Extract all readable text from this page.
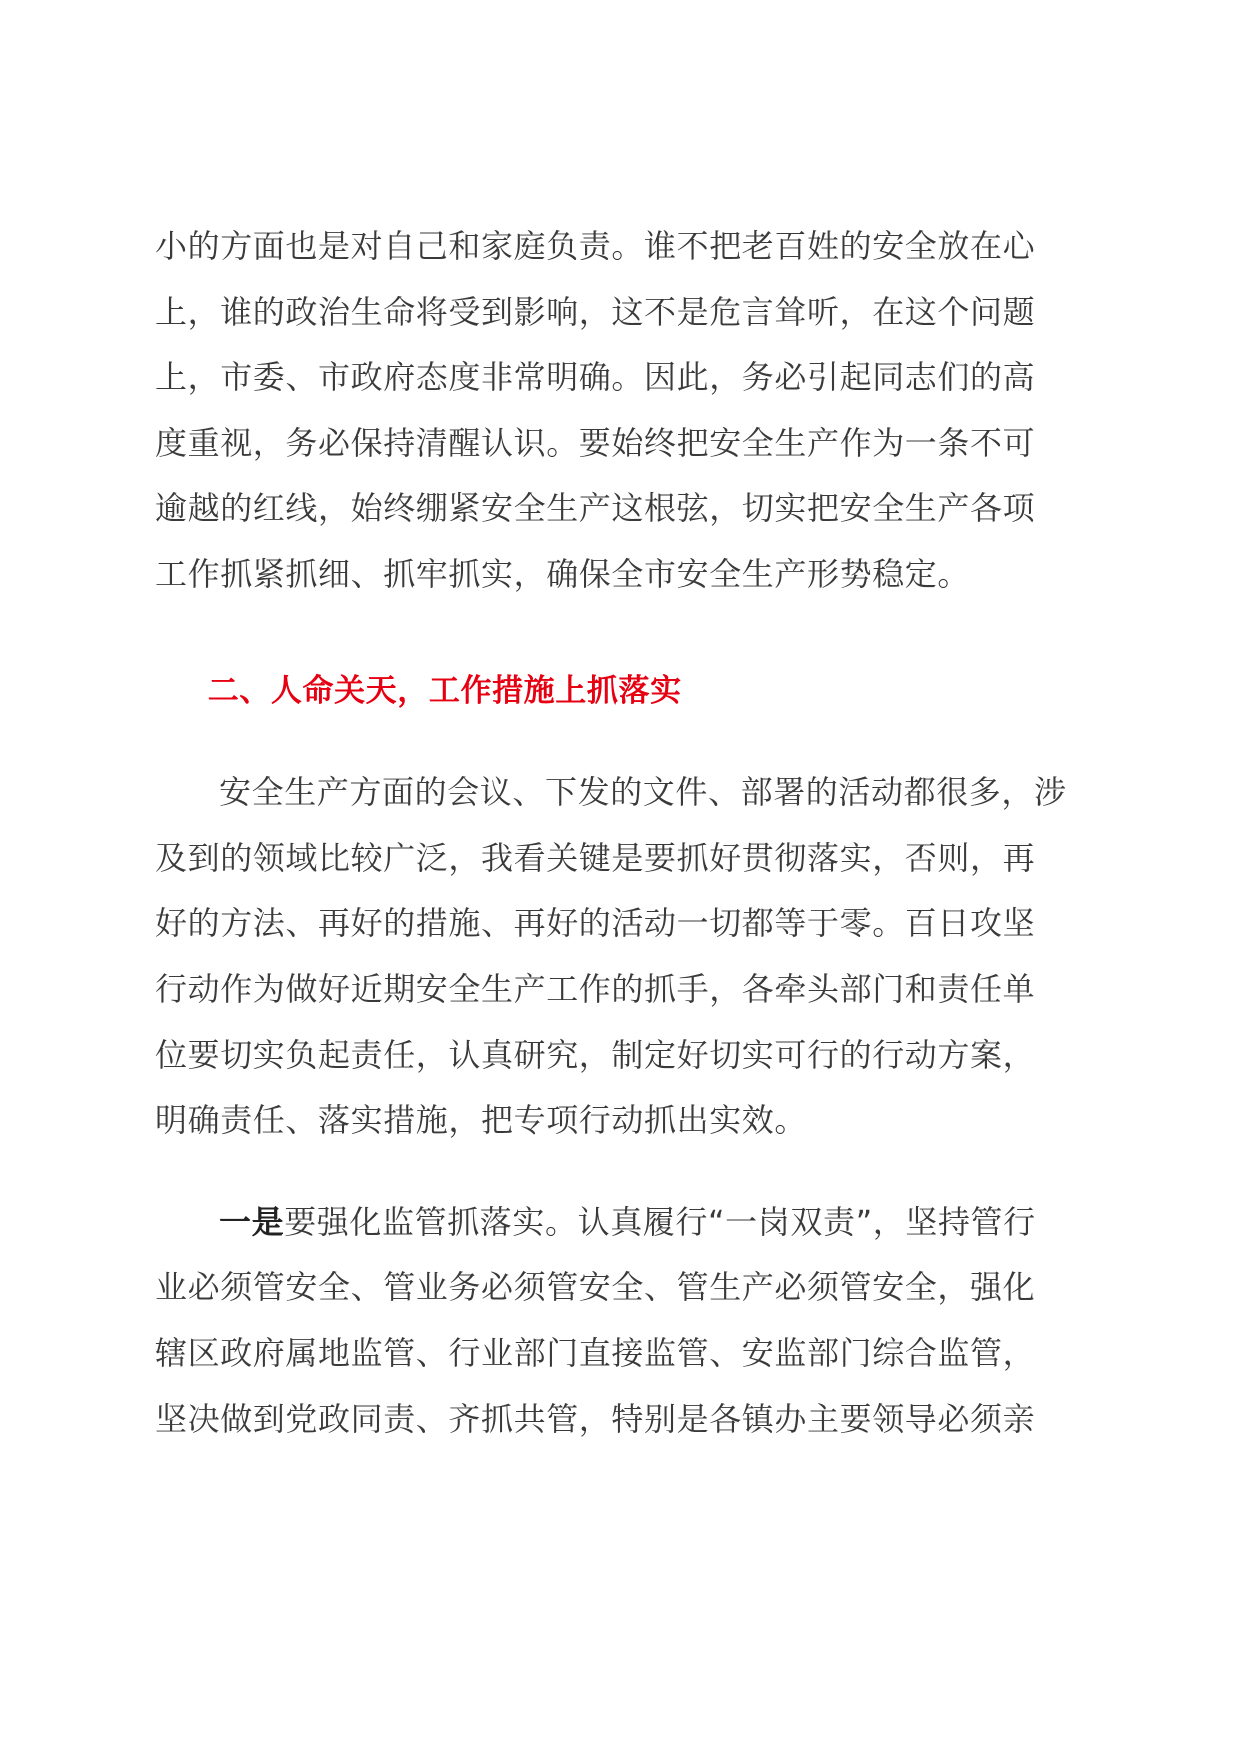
小的方面也是对自己和家庭负责。谁不把老百姓的安全放在心
上，谁的政治生命将受到影响，这不是危言耸听，在这个问题
上，市委、市政府态度非常明确。因此，务必引起同志们的高
度重视，务必保持清醒认识。要始终把安全生产作为一条不可
逾越的红线，始终绷紧安全生产这根弦，切实把安全生产各项
工作抓紧抓细、抓牢抓实，确保全市安全生产形势稳定。

二、人命关天，工作措施上抓落实

安全生产方面的会议、下发的文件、部署的活动都很多，涉
及到的领域比较广泛，我看关键是要抓好贯彻落实，否则，再
好的方法、再好的措施、再好的活动一切都等于零。百日攻坚
行动作为做好近期安全生产工作的抓手，各牵头部门和责任单
位要切实负起责任，认真研究，制定好切实可行的行动方案，
明确责任、落实措施，把专项行动抓出实效。

一是要强化监管抓落实。认真履行“一岗双责”，坚持管行
业必须管安全、管业务必须管安全、管生产必须管安全，强化
辖区政府属地监管、行业部门直接监管、安监部门综合监管，
坚决做到党政同责、齐抓共管，特别是各镇办主要领导必须亲
